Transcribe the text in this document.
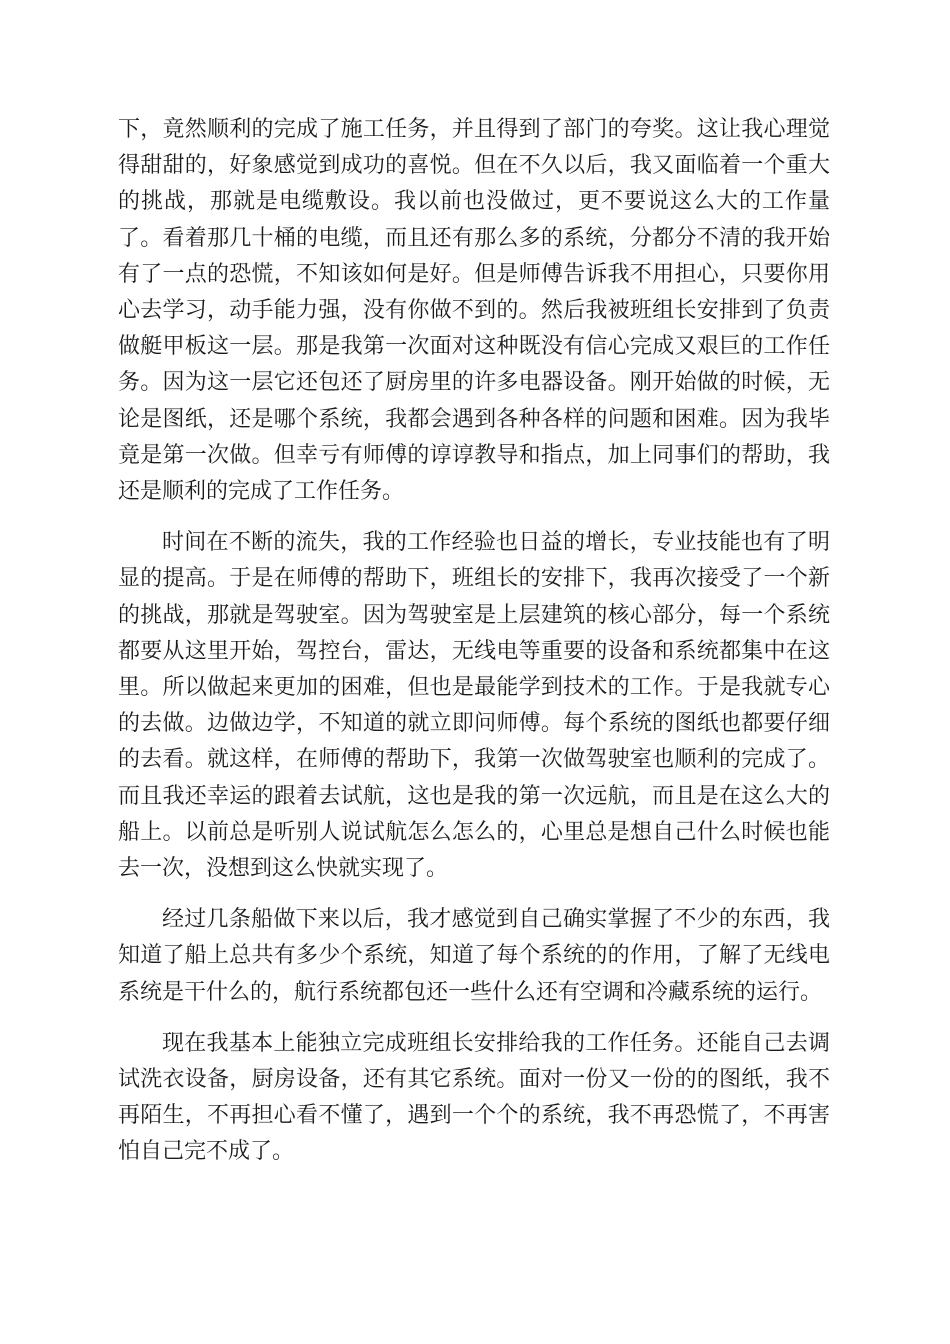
下，竟然顺利的完成了施工任务，并且得到了部门的夸奖。这让我心理觉得甜甜的，好象感觉到成功的喜悦。但在不久以后，我又面临着一个重大的挑战，那就是电缆敷设。我以前也没做过，更不要说这么大的工作量了。看着那几十桶的电缆，而且还有那么多的系统，分都分不清的我开始有了一点的恐慌，不知该如何是好。但是师傅告诉我不用担心，只要你用心去学习，动手能力强，没有你做不到的。然后我被班组长安排到了负责做艇甲板这一层。那是我第一次面对这种既没有信心完成又艰巨的工作任务。因为这一层它还包还了厨房里的许多电器设备。刚开始做的时候，无论是图纸，还是哪个系统，我都会遇到各种各样的问题和困难。因为我毕竟是第一次做。但幸亏有师傅的谆谆教导和指点，加上同事们的帮助，我还是顺利的完成了工作任务。

时间在不断的流失，我的工作经验也日益的增长，专业技能也有了明显的提高。于是在师傅的帮助下，班组长的安排下，我再次接受了一个新的挑战，那就是驾驶室。因为驾驶室是上层建筑的核心部分，每一个系统都要从这里开始，驾控台，雷达，无线电等重要的设备和系统都集中在这里。所以做起来更加的困难，但也是最能学到技术的工作。于是我就专心的去做。边做边学，不知道的就立即问师傅。每个系统的图纸也都要仔细的去看。就这样，在师傅的帮助下，我第一次做驾驶室也顺利的完成了。而且我还幸运的跟着去试航，这也是我的第一次远航，而且是在这么大的船上。以前总是听别人说试航怎么怎么的，心里总是想自己什么时候也能去一次，没想到这么快就实现了。

经过几条船做下来以后，我才感觉到自己确实掌握了不少的东西，我知道了船上总共有多少个系统，知道了每个系统的的作用，了解了无线电系统是干什么的，航行系统都包还一些什么还有空调和冷藏系统的运行。

现在我基本上能独立完成班组长安排给我的工作任务。还能自己去调试洗衣设备，厨房设备，还有其它系统。面对一份又一份的的图纸，我不再陌生，不再担心看不懂了，遇到一个个的系统，我不再恐慌了，不再害怕自己完不成了。
